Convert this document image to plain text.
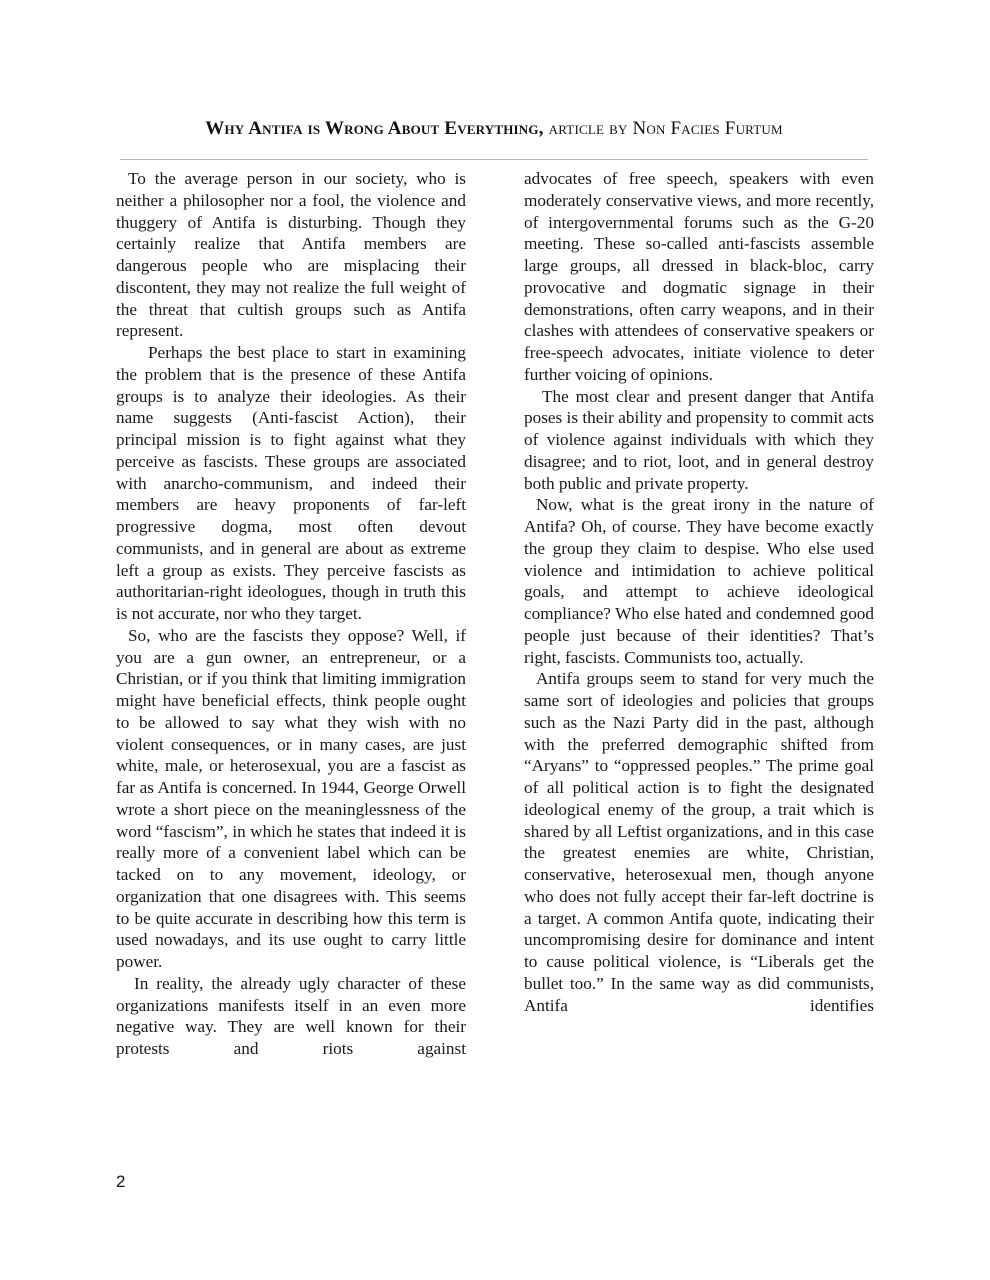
Why Antifa is Wrong About Everything, article by Non Facies Furtum

To the average person in our society, who is neither a philosopher nor a fool, the violence and thuggery of Antifa is disturbing. Though they certainly realize that Antifa members are dangerous people who are misplacing their discontent, they may not realize the full weight of the threat that cultish groups such as Antifa represent.

Perhaps the best place to start in examining the problem that is the presence of these Antifa groups is to analyze their ideologies. As their name suggests (Anti-fascist Action), their principal mission is to fight against what they perceive as fascists. These groups are associated with anarcho-communism, and indeed their members are heavy proponents of far-left progressive dogma, most often devout communists, and in general are about as extreme left a group as exists. They perceive fascists as authoritarian-right ideologues, though in truth this is not accurate, nor who they target.

So, who are the fascists they oppose? Well, if you are a gun owner, an entrepreneur, or a Christian, or if you think that limiting immigration might have beneficial effects, think people ought to be allowed to say what they wish with no violent consequences, or in many cases, are just white, male, or heterosexual, you are a fascist as far as Antifa is concerned. In 1944, George Orwell wrote a short piece on the meaninglessness of the word “fascism”, in which he states that indeed it is really more of a convenient label which can be tacked on to any movement, ideology, or organization that one disagrees with. This seems to be quite accurate in describing how this term is used nowadays, and its use ought to carry little power.

In reality, the already ugly character of these organizations manifests itself in an even more negative way. They are well known for their protests and riots against

advocates of free speech, speakers with even moderately conservative views, and more recently, of intergovernmental forums such as the G-20 meeting. These so-called anti-fascists assemble large groups, all dressed in black-bloc, carry provocative and dogmatic signage in their demonstrations, often carry weapons, and in their clashes with attendees of conservative speakers or free-speech advocates, initiate violence to deter further voicing of opinions.

The most clear and present danger that Antifa poses is their ability and propensity to commit acts of violence against individuals with which they disagree; and to riot, loot, and in general destroy both public and private property.

Now, what is the great irony in the nature of Antifa? Oh, of course. They have become exactly the group they claim to despise. Who else used violence and intimidation to achieve political goals, and attempt to achieve ideological compliance? Who else hated and condemned good people just because of their identities? That’s right, fascists. Communists too, actually.

Antifa groups seem to stand for very much the same sort of ideologies and policies that groups such as the Nazi Party did in the past, although with the preferred demographic shifted from “Aryans” to “oppressed peoples.” The prime goal of all political action is to fight the designated ideological enemy of the group, a trait which is shared by all Leftist organizations, and in this case the greatest enemies are white, Christian, conservative, heterosexual men, though anyone who does not fully accept their far-left doctrine is a target. A common Antifa quote, indicating their uncompromising desire for dominance and intent to cause political violence, is “Liberals get the bullet too.” In the same way as did communists, Antifa identifies

2
